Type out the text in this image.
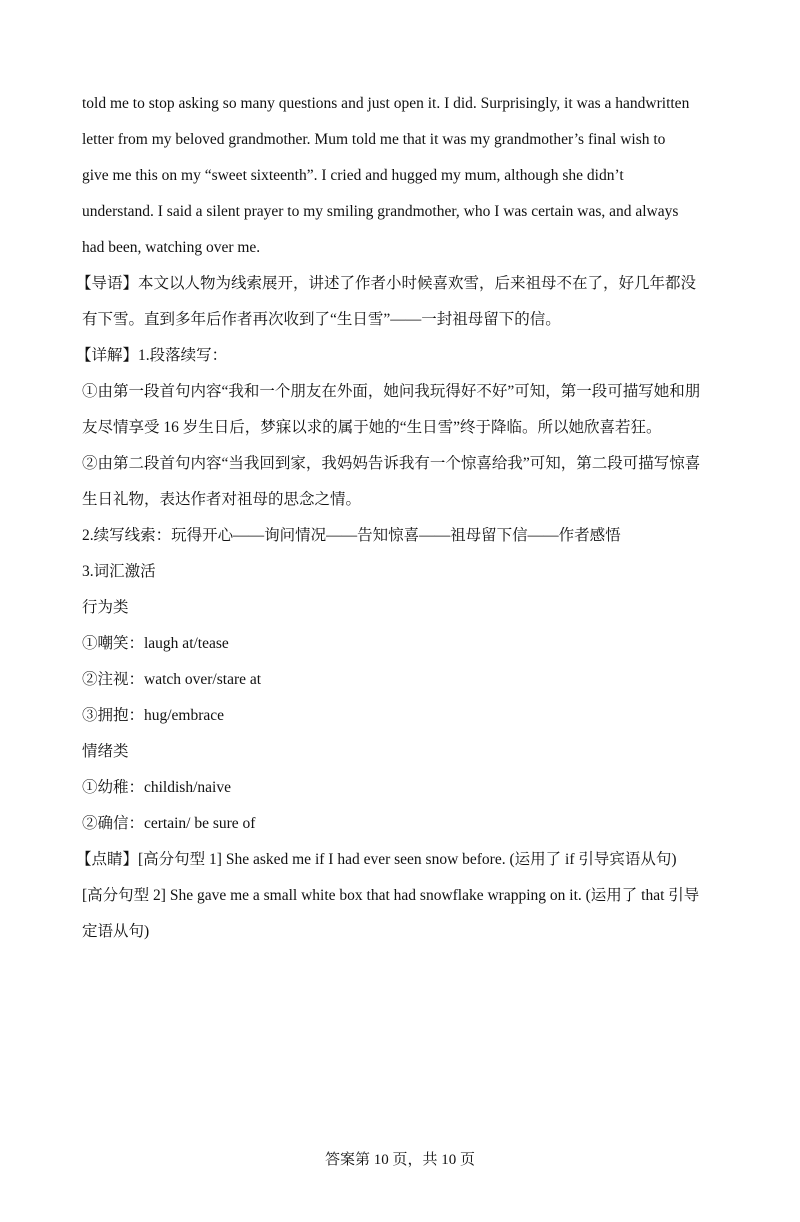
told me to stop asking so many questions and just open it. I did. Surprisingly, it was a handwritten
letter from my beloved grandmother. Mum told me that it was my grandmother’s final wish to
give me this on my “sweet sixteenth”. I cried and hugged my mum, although she didn’t
understand. I said a silent prayer to my smiling grandmother, who I was certain was, and always
had been, watching over me.
【导语】本文以人物为线索展开，讲述了作者小时候喜欢雪，后来祖母不在了，好几年都没
有下雪。直到多年后作者再次收到了“生日雪”——一封祖母留下的信。
【详解】1.段落续写：
①由第一段首句内容“我和一个朋友在外面，她问我玩得好不好”可知，第一段可描写她和朋
友尽情享受 16 岁生日后，梦寐以求的属于她的“生日雪”终于降临。所以她欣喜若狂。
②由第二段首句内容“当我回到家，我妈妈告诉我有一个惊喜给我”可知，第二段可描写惊喜
生日礼物，表达作者对祖母的思念之情。
2.续写线索：玩得开心——询问情况——告知惊喜——祖母留下信——作者感悟
3.词汇激活
行为类
①嘲笑：laugh at/tease
②注视：watch over/stare at
③拥抱：hug/embrace
情绪类
①幼稚：childish/naive
②确信：certain/ be sure of
【点睛】[高分句型 1] She asked me if I had ever seen snow before. (运用了 if 引导宾语从句)
[高分句型 2] She gave me a small white box that had snowflake wrapping on it. (运用了 that 引导
定语从句)
答案第 10 页，共 10 页
